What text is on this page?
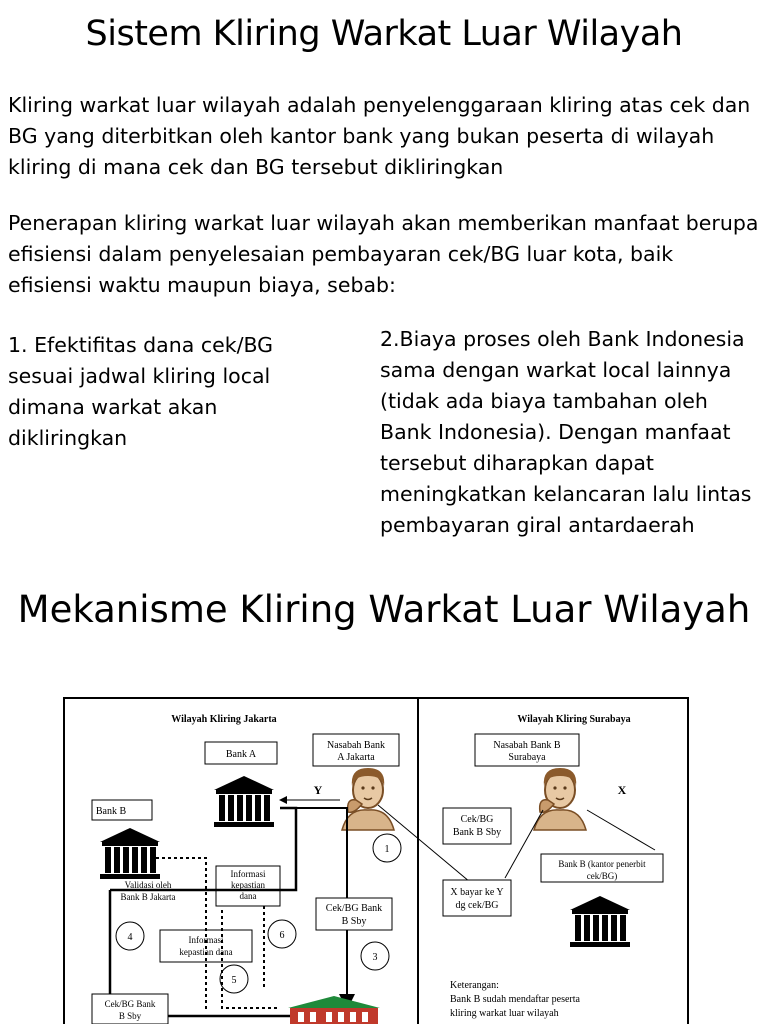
Sistem Kliring Warkat Luar Wilayah
Kliring warkat luar wilayah adalah penyelenggaraan kliring atas cek dan BG yang diterbitkan oleh kantor bank yang bukan peserta di wilayah kliring di mana cek dan BG tersebut dikliringkan
Penerapan kliring warkat luar wilayah akan memberikan manfaat berupa efisiensi dalam penyelesaian pembayaran cek/BG luar kota, baik efisiensi waktu maupun biaya, sebab:
1. Efektifitas dana cek/BG sesuai jadwal kliring local dimana warkat akan dikliringkan
2.Biaya proses oleh Bank Indonesia sama dengan warkat local lainnya (tidak ada biaya tambahan oleh Bank Indonesia). Dengan manfaat tersebut diharapkan dapat meningkatkan kelancaran lalu lintas pembayaran giral antardaerah
Mekanisme Kliring Warkat Luar Wilayah
Wilayah Kliring Jakarta	Wilayah Kliring Surabaya
Bank A
Nasabah Bank
A Jakarta
Nasabah Bank B
Surabaya
Y	X
Bank B
Cek/BG
Bank B Sby
1
Bank B (kantor penerbit
cek/BG)
Validasi oleh
Bank B Jakarta
Informasi
kepastian
dana	X bayar ke Y
dg cek/BG
Cek/BG Bank
B Sby
4	Informasi
kepastian dana
6
3
5
Cek/BG Bank
B Sby
Keterangan:
Bank B sudah mendaftar peserta
kliring warkat luar wilayah
